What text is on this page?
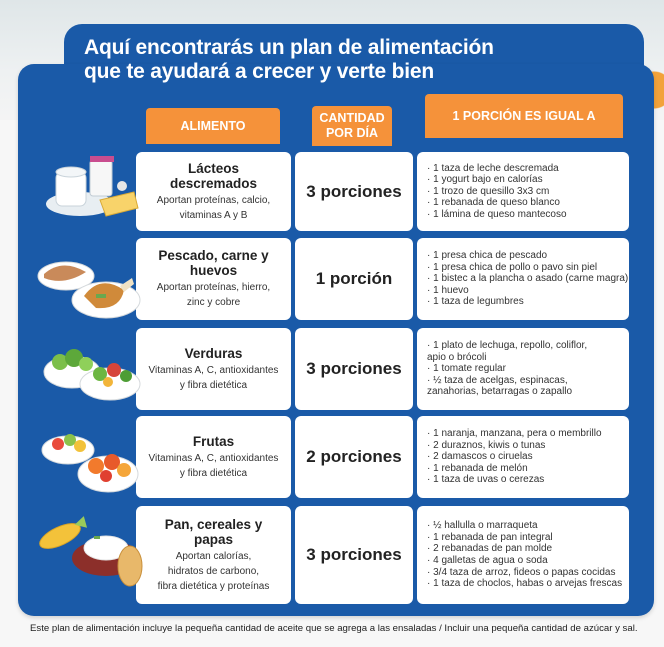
Aquí encontrarás un plan de alimentación
que te ayudará a crecer y verte bien
ALIMENTO
CANTIDAD POR DÍA
1 PORCIÓN ES IGUAL A
Lácteos descremados
Aportan proteínas, calcio,
vitaminas A y B
3 porciones
· 1 taza de leche descremada
· 1 yogurt bajo en calorías
· 1 trozo de quesillo 3x3 cm
· 1 rebanada de queso blanco
· 1 lámina de queso mantecoso
Pescado, carne y huevos
Aportan proteínas, hierro,
zinc y cobre
1 porción
· 1 presa chica de pescado
· 1 presa chica de pollo o pavo sin piel
· 1 bistec a la plancha o asado (carne magra)
· 1 huevo
· 1 taza de legumbres
Verduras
Vitaminas A, C, antioxidantes
y fibra dietética
3 porciones
· 1 plato de lechuga, repollo, coliflor,
apio o brócoli
· 1 tomate regular
· ½ taza de acelgas, espinacas,
zanahorias, betarragas o zapallo
Frutas
Vitaminas A, C, antioxidantes
y fibra dietética
2 porciones
· 1 naranja, manzana, pera o membrillo
· 2 duraznos, kiwis o tunas
· 2 damascos o ciruelas
· 1 rebanada de melón
· 1 taza de uvas o cerezas
Pan, cereales y papas
Aportan calorías,
hidratos de carbono,
fibra dietética y proteínas
3 porciones
· ½ hallulla o marraqueta
· 1 rebanada de pan integral
· 2 rebanadas de pan molde
· 4 galletas de agua o soda
· 3/4 taza de arroz, fideos o papas cocidas
· 1 taza de choclos, habas o arvejas frescas
Este plan de alimentación incluye la pequeña cantidad de aceite que se agrega a las ensaladas / Incluir una pequeña cantidad de azúcar y sal.
